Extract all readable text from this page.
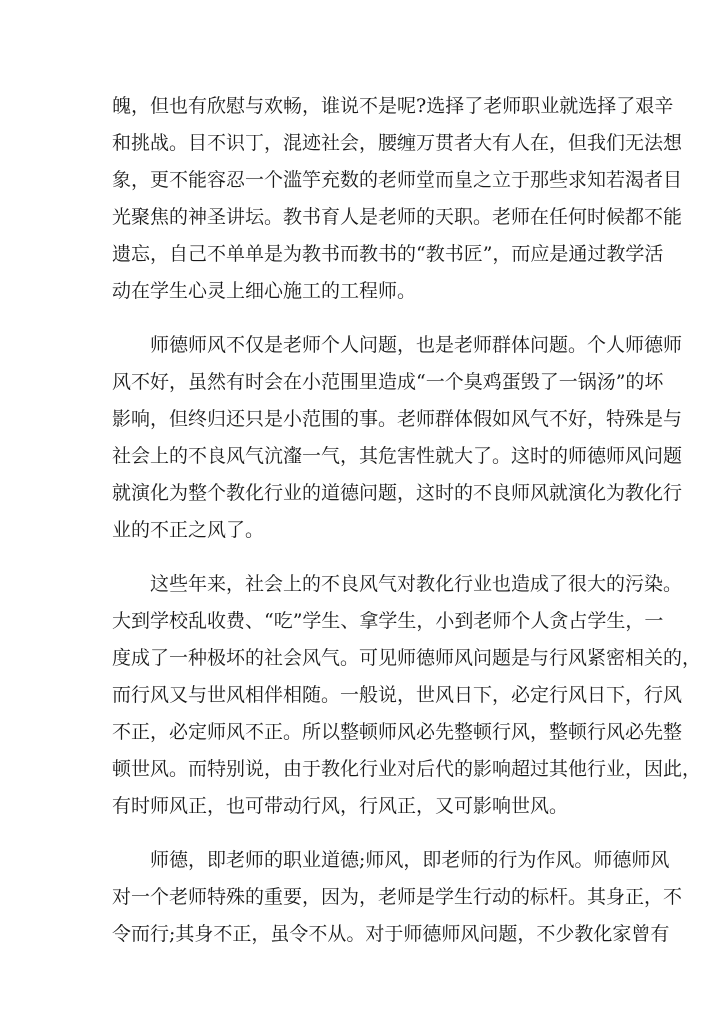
魄，但也有欣慰与欢畅，谁说不是呢?选择了老师职业就选择了艰辛
和挑战。目不识丁，混迹社会，腰缠万贯者大有人在，但我们无法想
象，更不能容忍一个滥竽充数的老师堂而皇之立于那些求知若渴者目
光聚焦的神圣讲坛。教书育人是老师的天职。老师在任何时候都不能
遗忘，自己不单单是为教书而教书的“教书匠”，而应是通过教学活
动在学生心灵上细心施工的工程师。
师德师风不仅是老师个人问题，也是老师群体问题。个人师德师
风不好，虽然有时会在小范围里造成“一个臭鸡蛋毁了一锅汤”的坏
影响，但终归还只是小范围的事。老师群体假如风气不好，特殊是与
社会上的不良风气沆瀣一气，其危害性就大了。这时的师德师风问题
就演化为整个教化行业的道德问题，这时的不良师风就演化为教化行
业的不正之风了。
这些年来，社会上的不良风气对教化行业也造成了很大的污染。
大到学校乱收费、“吃”学生、拿学生，小到老师个人贪占学生，一
度成了一种极坏的社会风气。可见师德师风问题是与行风紧密相关的，
而行风又与世风相伴相随。一般说，世风日下，必定行风日下，行风
不正，必定师风不正。所以整顿师风必先整顿行风，整顿行风必先整
顿世风。而特别说，由于教化行业对后代的影响超过其他行业，因此，
有时师风正，也可带动行风，行风正，又可影响世风。
师德，即老师的职业道德;师风，即老师的行为作风。师德师风
对一个老师特殊的重要，因为，老师是学生行动的标杆。其身正，不
令而行;其身不正，虽令不从。对于师德师风问题，不少教化家曾有
